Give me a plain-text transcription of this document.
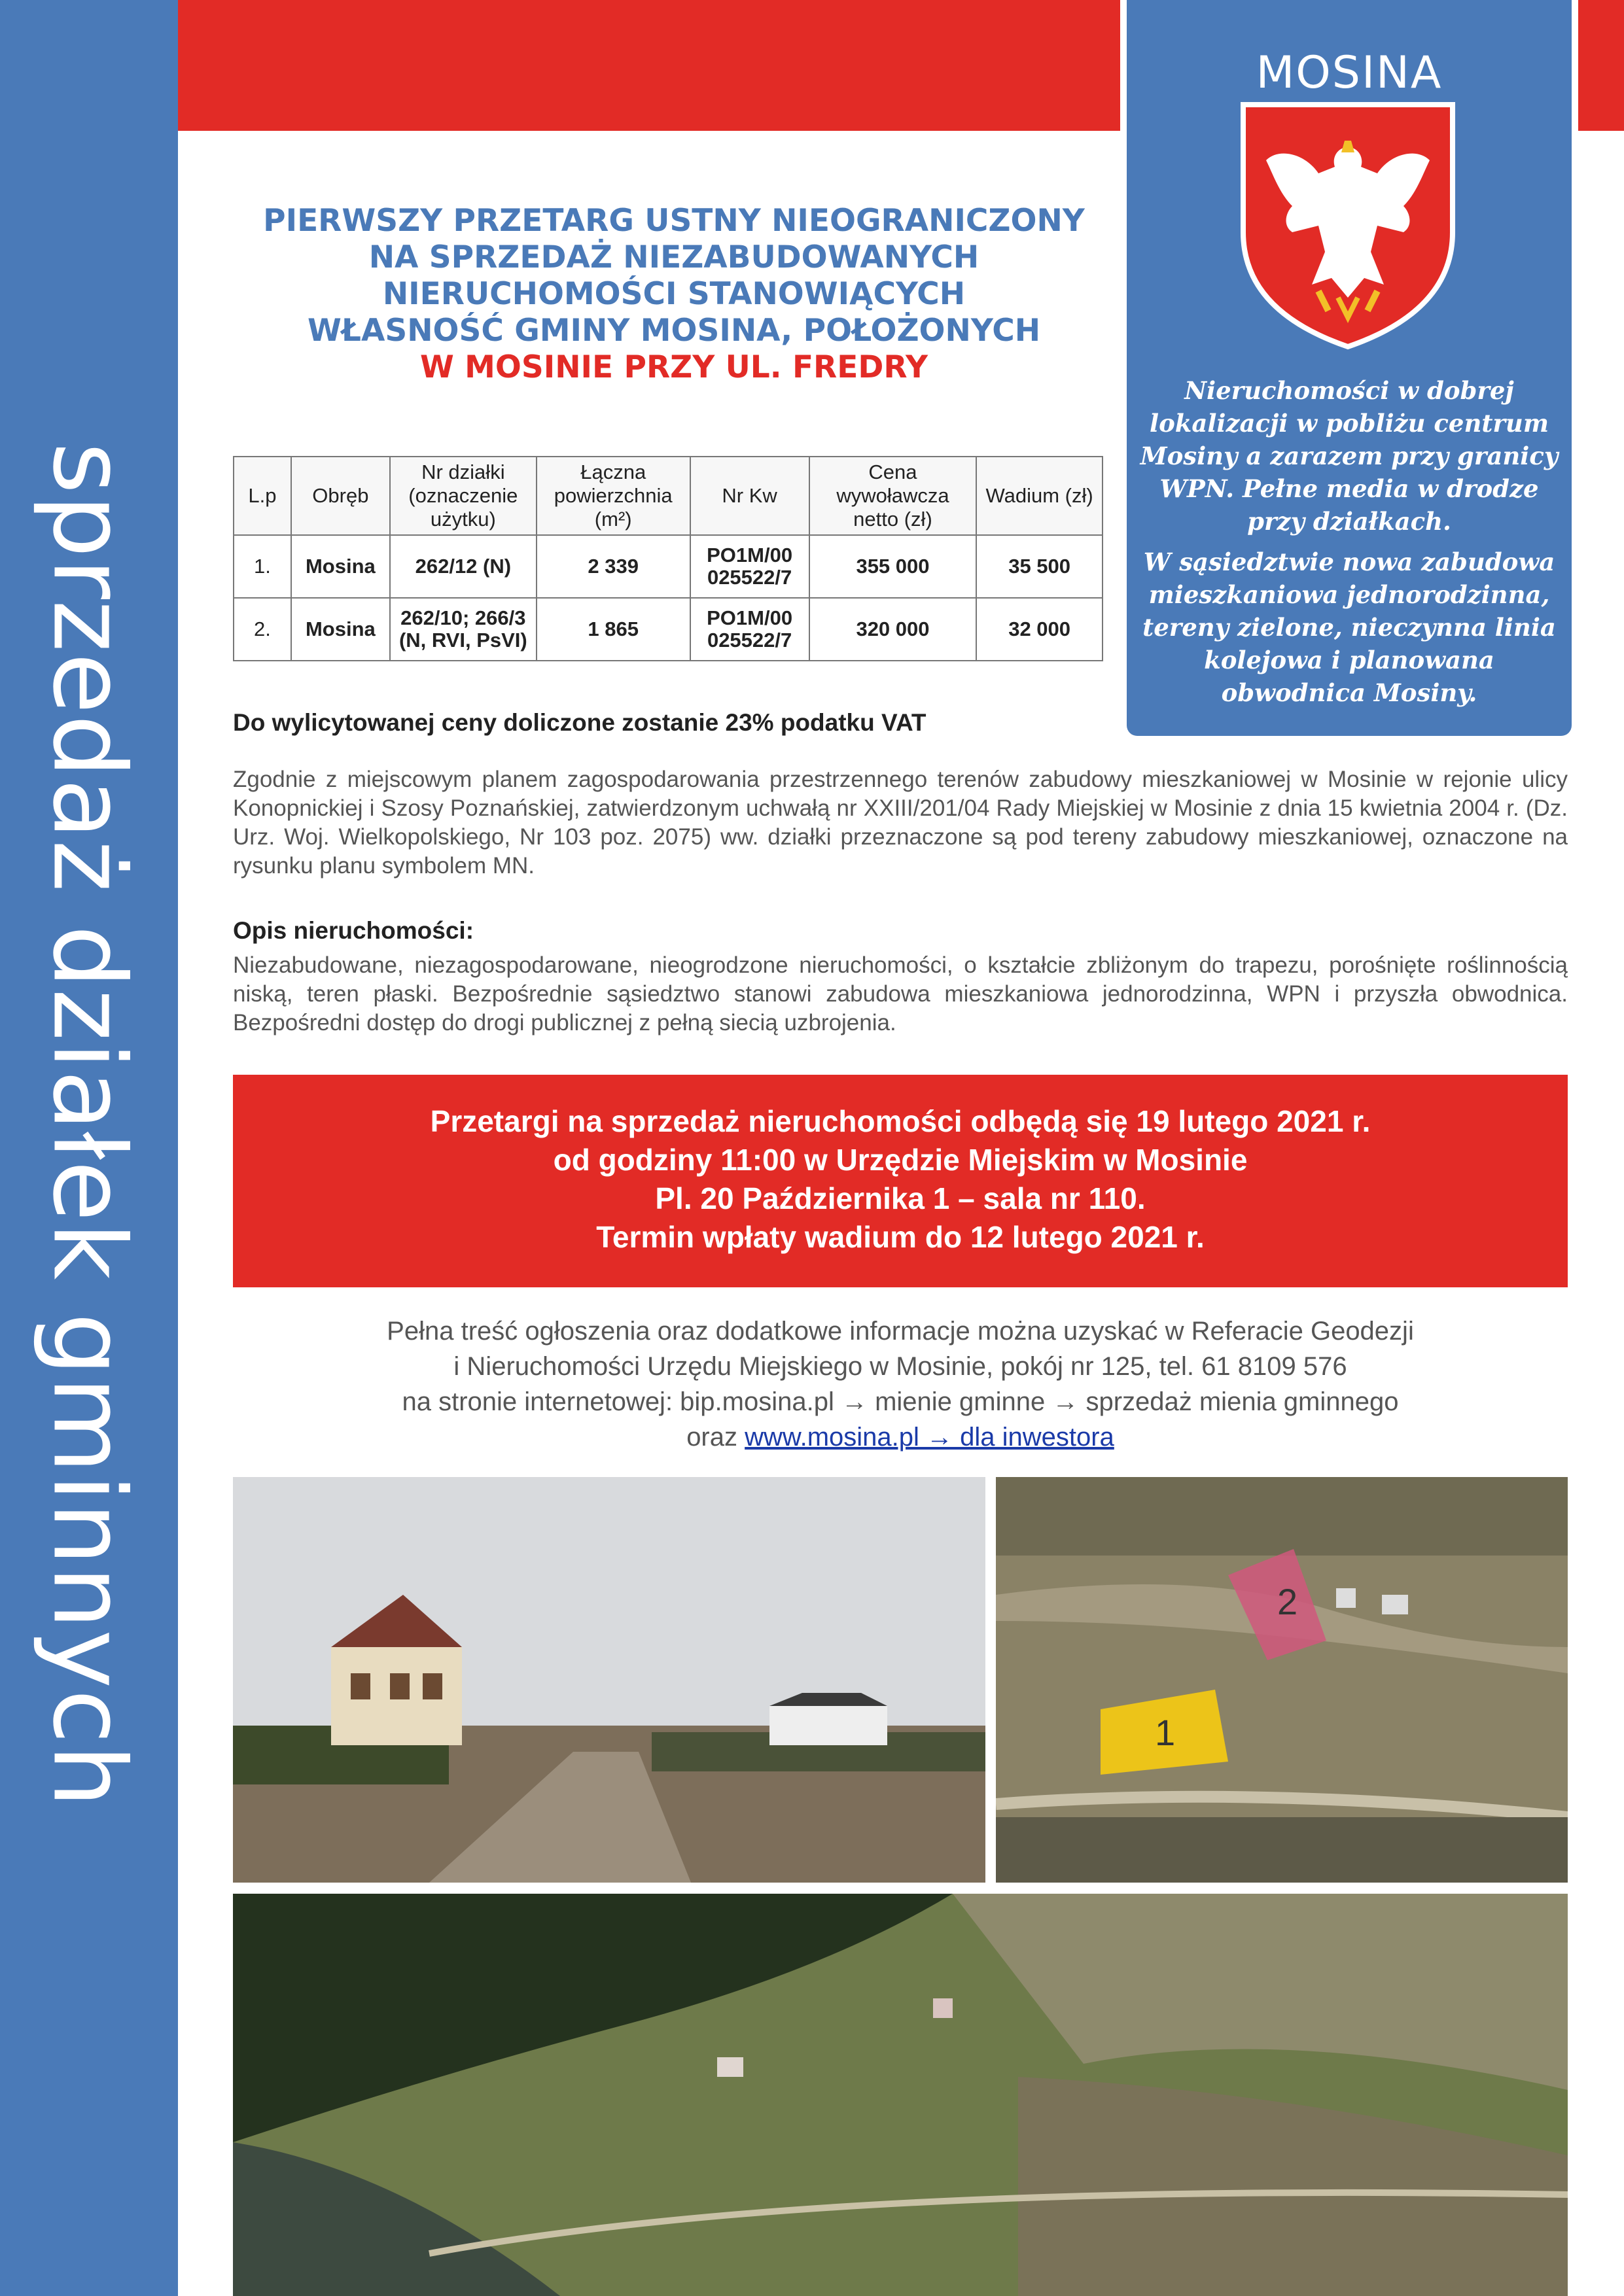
sprzedaż działek gminnych
MOSINA

Nieruchomości w dobrej lokalizacji w pobliżu centrum Mosiny a zarazem przy granicy WPN. Pełne media w drodze przy działkach.

W sąsiedztwie nowa zabudowa mieszkaniowa jednorodzinna, tereny zielone, nieczynna linia kolejowa i planowana obwodnica Mosiny.

PIERWSZY PRZETARG USTNY NIEOGRANICZONY
NA SPRZEDAŻ NIEZABUDOWANYCH
NIERUCHOMOŚCI STANOWIĄCYCH
WŁASNOŚĆ GMINY MOSINA, POŁOŻONYCH
W MOSINIE PRZY UL. FREDRY
L.p	Obręb	Nr działki (oznaczenie użytku)	Łączna powierzchnia (m²)	Nr Kw	Cena wywoławcza netto (zł)	Wadium (zł)
1.	Mosina	262/12 (N)	2 339	PO1M/00 025522/7	355 000	35 500
2.	Mosina	262/10; 266/3 (N, RVI, PsVI)	1 865	PO1M/00 025522/7	320 000	32 000
Do wylicytowanej ceny doliczone zostanie 23% podatku VAT
Zgodnie z miejscowym planem zagospodarowania przestrzennego terenów zabudowy mieszkaniowej w Mosinie w rejonie ulicy Konopnickiej i Szosy Poznańskiej, zatwierdzonym uchwałą nr XXIII/201/04 Rady Miejskiej w Mosinie z dnia 15 kwietnia 2004 r. (Dz. Urz. Woj. Wielkopolskiego, Nr 103 poz. 2075) ww. działki przeznaczone są pod tereny zabudowy mieszkaniowej, oznaczone na rysunku planu symbolem MN.
Opis nieruchomości:
Niezabudowane, niezagospodarowane, nieogrodzone nieruchomości, o kształcie zbliżonym do trapezu, porośnięte roślinnością niską, teren płaski. Bezpośrednie sąsiedztwo stanowi zabudowa mieszkaniowa jednorodzinna, WPN i przyszła obwodnica. Bezpośredni dostęp do drogi publicznej z pełną siecią uzbrojenia.
Przetargi na sprzedaż nieruchomości odbędą się 19 lutego 2021 r.
od godziny 11:00 w Urzędzie Miejskim w Mosinie
Pl. 20 Października 1 – sala nr 110.
Termin wpłaty wadium do 12 lutego 2021 r.
Pełna treść ogłoszenia oraz dodatkowe informacje można uzyskać w Referacie Geodezji
i Nieruchomości Urzędu Miejskiego w Mosinie, pokój nr 125, tel. 61 8109 576
na stronie internetowej: bip.mosina.pl → mienie gminne → sprzedaż mienia gminnego
oraz www.mosina.pl → dla inwestora
2
1
